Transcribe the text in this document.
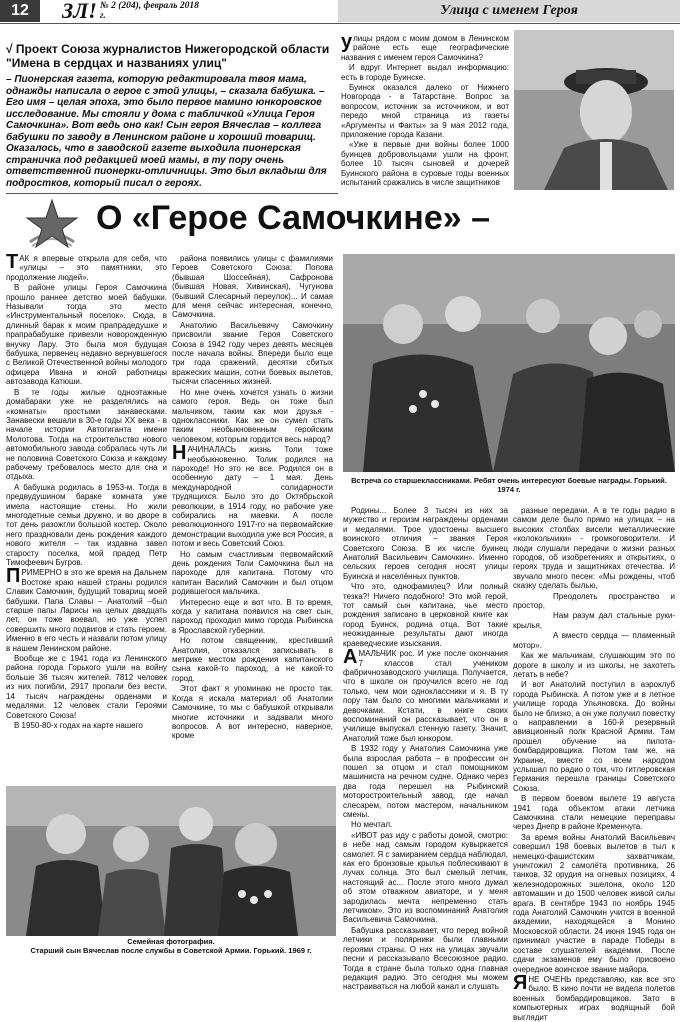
12	ЗЛ! № 2 (204), февраль 2018 г.	Улица с именем Героя
√ Проект Союза журналистов Нижегородской области "Имена в сердцах и названиях улиц"
– Пионерская газета, которую редактировала твоя мама, однажды написала о герое с этой улицы, – сказала бабушка. – Его имя – целая эпоха, это было первое мамино юнкоровское исследование. Мы стояли у дома с табличкой «Улица Героя Самочкина». Вот ведь оно как! Сын героя Вячеслав – коллега бабушки по заводу в Ленинском районе и хороший товарищ. Оказалось, что в заводской газете выходила пионерская страничка под редакцией моей мамы, в ту пору очень ответственной пионерки-отличницы. Это был вкладыш для подростков, который писал о героях.

улицы рядом с моим домом в Ленинском районе есть еще географические названия с именем героя Самочкина?

И вдруг Интернет выдал информацию: есть в городе Буинске.

Буинск оказался далеко от Нижнего Новгорода - в Татарстане. Вопрос за вопросом, источник за источником, и вот передо мной страница из газеты «Аргументы и Факты» за 9 мая 2012 года, приложение города Казани.

«Уже в первые дни войны более 1000 буинцев добровольцами ушли на фронт, более 10 тысяч сыновей и дочерей Буинского района в суровые годы военных испытаний сражались в числе защитников

О «Герое Самочкине» –

ТАК я впервые открыла для себя, что «улицы – это памятники, это продолжение людей».

В районе улицы Героя Самочкина прошло раннее детство моей бабушки. Называли тогда это место «Инструментальный поселок». Сюда, в длинный барак к моим прапрадедушке и прапрабабушке привезли новорожденную внучку Лару. Это была моя будущая бабушка, первенец недавно вернувшегося с Великой Отечественной войны молодого офицера Ивана и юной работницы автозавода Катюши.

В те годы жилые одноэтажные домабараки уже не разделялись на «комнаты» простыми занавесками. Занавески вешали в 30-е годы XX века - в начале истории Автогиганта имени Молотова. Тогда на строительство нового автомобильного завода собралась чуть ли не половина Советского Союза и каждому рабочему требовалось место для сна и отдыха.

А бабушка родилась в 1953-м. Тогда в предвудушином бараке комната уже имела настоящие стены. Но жили многодетные семьи дружно, и во дворе в тот день разожгли большой костер. Около него праздновали день рождения каждого нового жителя – так издавна завел старосту поселка, мой прадед Петр Тимофеевич Бугров.

ПРИМЕРНО в это же время на Дальнем Востоке краю нашей страны родился Славик Самочкин, будущий товарищ моей бабушки. Папа Славы – Анатолий –был старше папы Ларисы на целых двадцать лет, он тоже воевал, но уже успел совершить много подвигов и стать героем. Именно в его честь и назвали потом улицу в нашем Ленинском районе.

Вообще же с 1941 года из Ленинского района города Горького ушли на войну больше 36 тысяч жителей. 7812 человек из них погибли, 2917 пропали без вести, 14 тысяч награждены орденами и медалями. 12 человек стали Героями Советского Союза!

В 1950-80-х годах на карте нашего

района появились улицы с фамилиями Героев Советского Союза: Попова (бывшая Шоссейная), Сафронова (бывшая Новая, Хивинская), Чугунова (бывший Слесарный переулок)... И самая для меня сейчас интересная, конечно, Самочкина.

Анатолию Васильевичу Самочкину присвоили звание Героя Советского Союза в 1942 году через девять месяцев после начала войны. Впереди было еще три года сражений, десятки сбитых вражеских машин, сотни боевых вылетов, тысячи спасенных жизней.

Но мне очень хочется узнать о жизни самого героя. Ведь он тоже был мальчиком, таким как мои друзья - одноклассники. Как же он сумел стать таким необыкновенным геройским человеком, которым гордится весь народ?

НАЧИНАЛАСЬ жизнь Толи тоже необыкновенно. Толик родился на пароходе! Но это не все. Родился он в особенную дату – 1 мая. День международной солидарности трудящихся. Было это до Октябрьской революции, в 1914 году, но рабочие уже собирались на маевки. А после революционного 1917-го на первомайские демонстрации выходила уже вся Россия, а потом и весь Советский Союз.

Но самым счастливым первомайский день рождения Толи Самочкина был на пароходе для капитана. Потому что капитан Василий Самочкин и был отцом родившегося мальчика.

Интересно еще и вот что. В то время, когда у капитана появился на свет сын, пароход проходил мимо города Рыбинска в Ярославской губернии.

Но потом священник, крестивший Анатолия, отказался записывать в метрике местом рождения капитанского сына какой-то пароход, а не какой-то город.

Этот факт я упоминаю не просто так. Когда я искала материал об Анатолии Самочкине, то мы с бабушкой открывали многие источники и задавали много вопросов. А вот интересно, наверное, кроме

Встреча со старшеклассниками. Ребят очень интересуют боевые награды. Горький. 1974 г.

Родины... Более 3 тысяч из них за мужество и героизм награждены орденами и медалями. Трое удостоены высшего воинского отличия – звания Героя Советского Союза. В их числе буинец Анатолий Васильевич Самочкин». Именно сельских героев сегодня носят улицы Буинска и населённых пунктов.

Что это, однофамилец? Или полный тезка?! Ничего подобного! Это мой герой, тот самый сын капитана, чье место рождения записано в церковной книге как город Буинск, родина отца. Вот такие неожиданные результаты дают иногда краеведческие изыскания.

АМАЛЬЧИК рос. И уже после окончания 7 классов стал учеником фабричнозаводского училища. Получается, что в школе он проучился всего не год только, чем мои одноклассники и я. В ту пору там было со многими мальчиками и девочками. Кстати, в книге своих воспоминаний он рассказывает, что он в училище выпускал стенную газету. Значит, Анатолий тоже был юнкором.

В 1932 году у Анатолия Самочкина уже была взрослая работа – в профессии он пошел за отцом и стал помощником машиниста на речном судне. Однако через два года перешел на Рыбинский моторостроительный завод, где начал слесарем, потом мастером, начальником смены.

Но мечтал.

«ИВОТ раз иду с работы домой, смотрю: в небе над самым городом кувыркается самолет. Я с замиранием сердца наблюдал, как его бронзовые крылья поблескивают в лучах солнца. Это был смелый летчик, настоящий ас... После этого много думал об этом отважном авиаторе, и у меня зародилась мечта непременно стать летчиком». Это из воспоминаний Анатолия Васильевича Самочкина.

Бабушка рассказывает, что перед войной летчики и полярники были главными героями страны. О них на улицах звучали песни и рассказывало Всесоюзное радио. Тогда в стране была только одна главная редакция радио. Это сегодня мы можем настраиваться на любой канал и слушать

разные передачи. А в те годы радио в самом деле было прямо на улицах – на высоких столбах висели металлические «колокольчики» - громкоговорители. И люди слушали передачи о жизни разных городов, об изобретениях и открытиях, о героях труда и защитниках отечества. И звучало много песен: «Мы рождены, чтоб сказку сделать былью,

Преодолеть пространство и простор,

Нам разум дал стальные руки-крылья,

А вместо сердца — пламенный мотор».

Как же мальчикам, слушающим это по дороге в школу и из школы, не захотеть летать в небе?

И вот Анатолий поступил в аэроклуб города Рыбинска. А потом уже и в летное училище города Ульяновска. До войны было не близко, а он уже получил повестку о направлении в 160-й резервный авиационный полк Красной Армии. Там прошел обучение на пилота-бомбардировщика. Потом там же, на Украине, вместе со всем народом услышал по радио о том, что гитлеровская Германия перешла границы Советского Союза.

В первом боевом вылете 19 августа 1941 года объектом атаки летчика Самочкина стали немецкие переправы через Днепр в районе Кременчуга.

За время войны Анатолий Васильевич совершил 198 боевых вылетов в тыл к немецко-фашистским захватчикам, уничтожил 2 самолёта противника, 26 танков, 32 орудия на огневых позициях, 4 железнодорожных эшелона, около 120 автомашин и до 1500 человек живой силы врага. В сентябре 1943 по ноябрь 1945 года Анатолий Самочкин учится в военной академии, находящейся в Монино Московской области. 24 июня 1945 года он принимал участие в параде Победы в составе слушателей академии. После сдачи экзаменов ему было присвоено очередное воинское звание майора.

ЯНЕ ОЧЕНЬ представляю, как все это было. В кино почти не видела полетов военных бомбардировщиков. Зато в компьютерных играх водящный бой выглядит

Семейная фотография.
Старший сын Вячеслав после службы в Советской Армии. Горький. 1969 г.
